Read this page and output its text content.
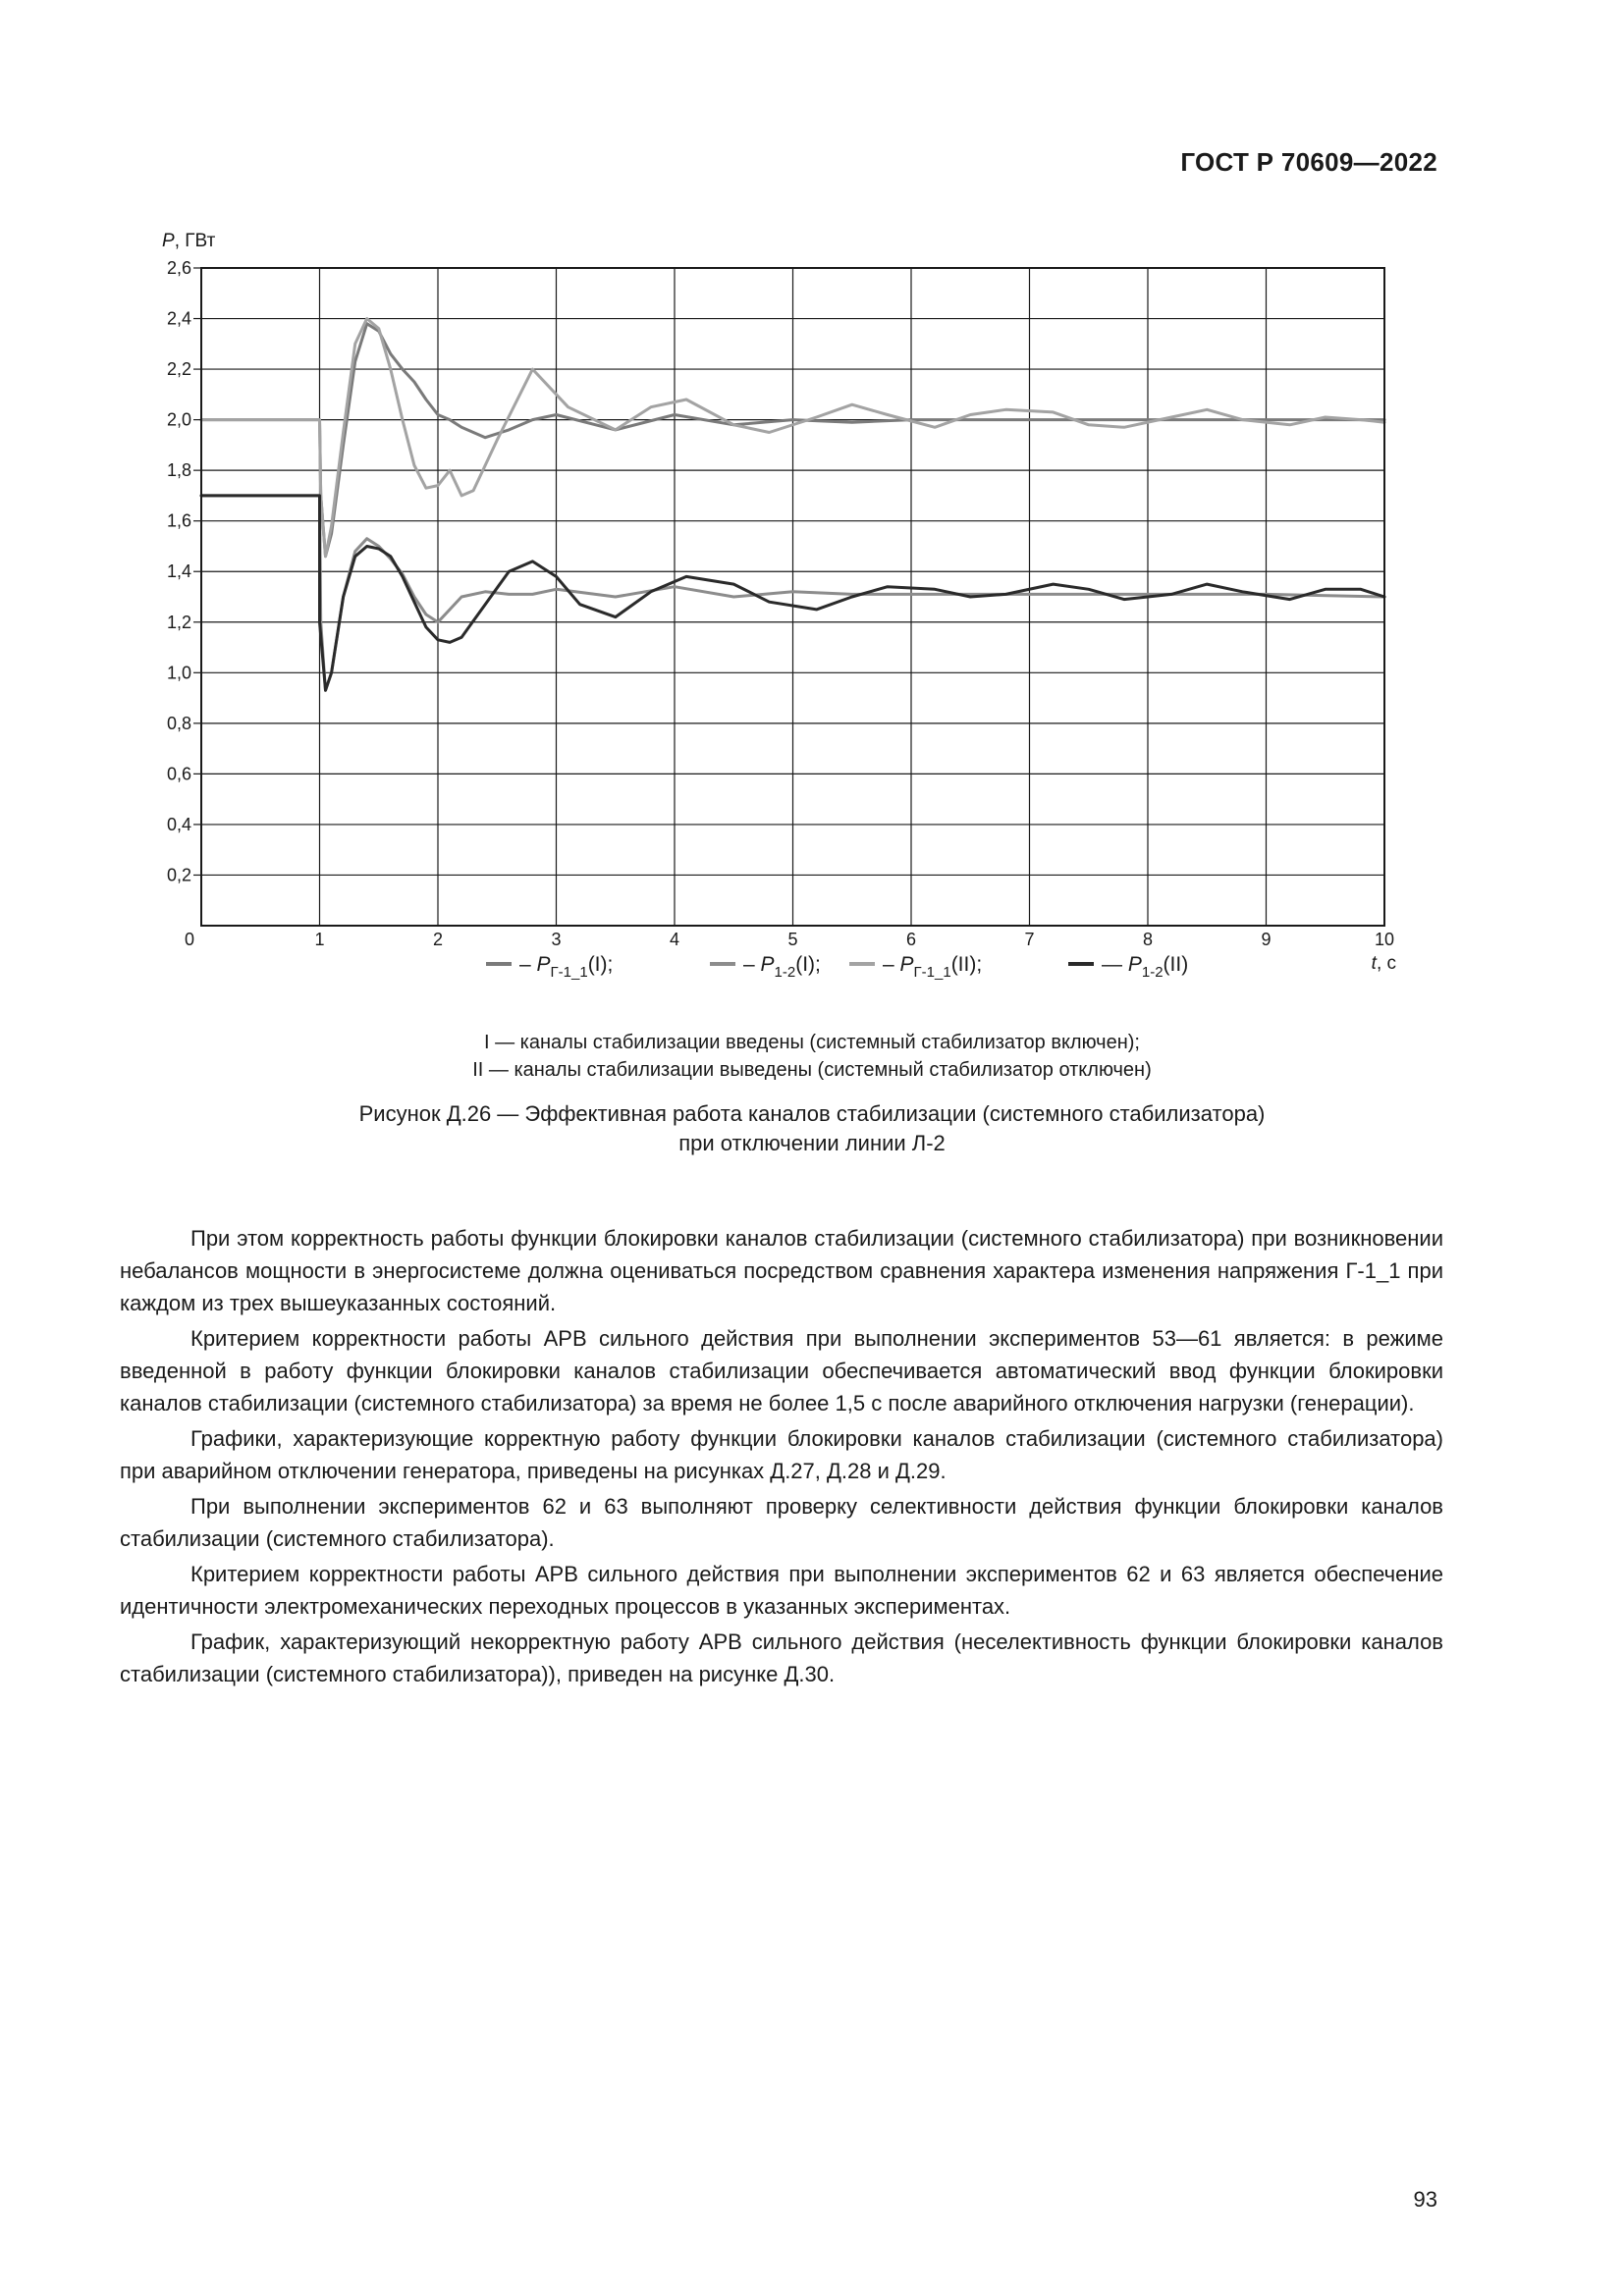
ГОСТ Р 70609—2022
0	1	2	3	4	5	6	7	8	9	10
0,2
0,4
0,6
0,8
1,0
1,2
1,4
1,6
1,8
2,0
2,2
2,4
2,6
P, ГВт
t, с
– $P_{Г-1\_1}(I)$;	– $P_{1-2}(I)$;	– $P_{Г-1\_1}(II)$;	— $P_{1-2}(II)$
I — каналы стабилизации введены (системный стабилизатор включен);
II — каналы стабилизации выведены (системный стабилизатор отключен)
Рисунок Д.26 — Эффективная работа каналов стабилизации (системного стабилизатора)
при отключении линии Л-2

При этом корректность работы функции блокировки каналов стабилизации (системного стабилизатора) при возникновении небалансов мощности в энергосистеме должна оцениваться посредством сравнения характера изменения напряжения Г-1_1 при каждом из трех вышеуказанных состояний.

Критерием корректности работы АРВ сильного действия при выполнении экспериментов 53—61 является: в режиме введенной в работу функции блокировки каналов стабилизации обеспечивается автоматический ввод функции блокировки каналов стабилизации (системного стабилизатора) за время не более 1,5 с после аварийного отключения нагрузки (генерации).

Графики, характеризующие корректную работу функции блокировки каналов стабилизации (системного стабилизатора) при аварийном отключении генератора, приведены на рисунках Д.27, Д.28 и Д.29.

При выполнении экспериментов 62 и 63 выполняют проверку селективности действия функции блокировки каналов стабилизации (системного стабилизатора).

Критерием корректности работы АРВ сильного действия при выполнении экспериментов 62 и 63 является обеспечение идентичности электромеханических переходных процессов в указанных экспериментах.

График, характеризующий некорректную работу АРВ сильного действия (неселективность функции блокировки каналов стабилизации (системного стабилизатора)), приведен на рисунке Д.30.

93
